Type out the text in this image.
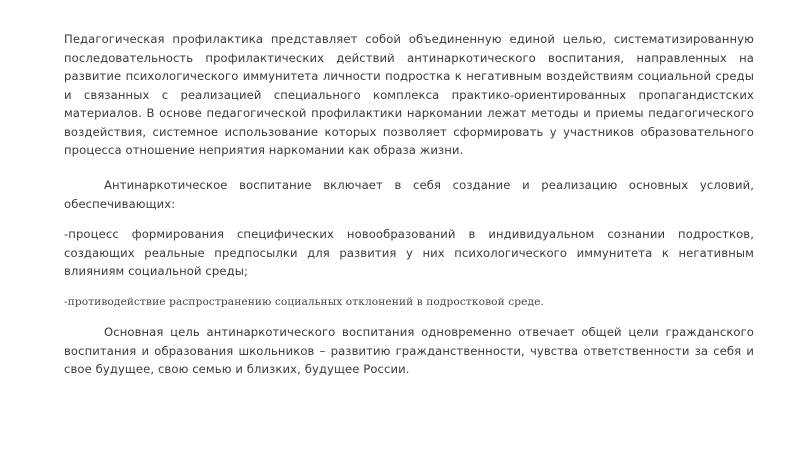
Педагогическая профилактика представляет собой объединенную единой целью, систематизированную последовательность профилактических действий антинаркотического воспитания, направленных на развитие психологического иммунитета личности подростка к негативным воздействиям социальной среды и связанных с реализацией специального комплекса практико-ориентированных пропагандистских материалов. В основе педагогической профилактики наркомании лежат методы и приемы педагогического воздействия, системное использование которых позволяет сформировать у участников образовательного процесса отношение неприятия наркомании как образа жизни.
Антинаркотическое воспитание включает в себя создание и реализацию основных условий, обеспечивающих:
-процесс формирования специфических новообразований в индивидуальном сознании подростков, создающих реальные предпосылки для развития у них психологического иммунитета к негативным влияниям социальной среды;
-противодействие распространению социальных отклонений в подростковой среде.
Основная цель антинаркотического воспитания одновременно отвечает общей цели гражданского воспитания и образования школьников – развитию гражданственности, чувства ответственности за себя и свое будущее, свою семью и близких, будущее России.
